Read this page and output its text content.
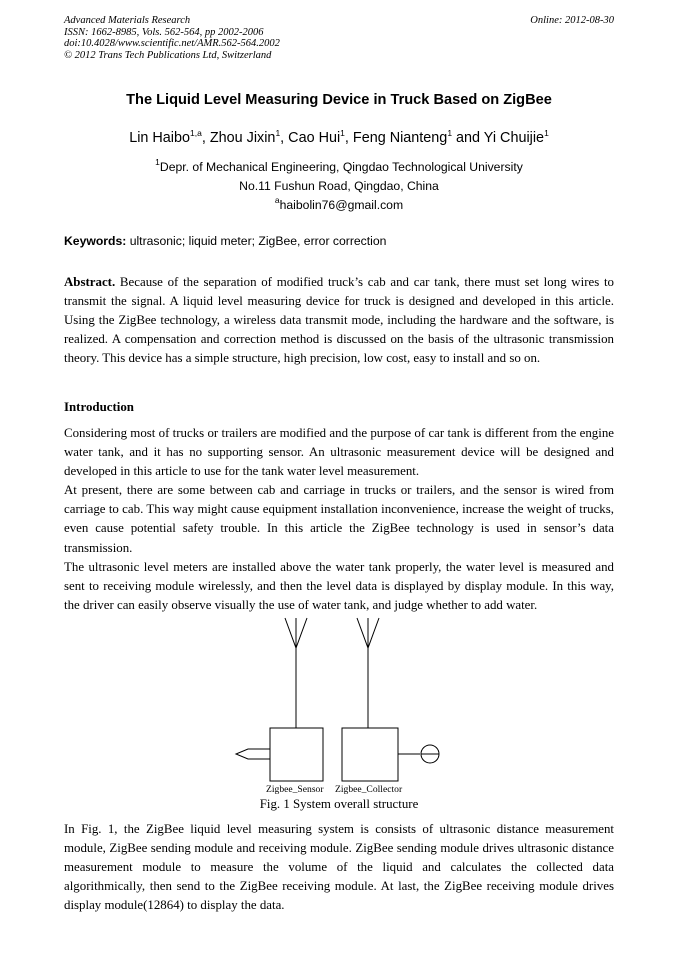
Advanced Materials Research
ISSN: 1662-8985, Vols. 562-564, pp 2002-2006
doi:10.4028/www.scientific.net/AMR.562-564.2002
© 2012 Trans Tech Publications Ltd, Switzerland
Online: 2012-08-30
The Liquid Level Measuring Device in Truck Based on ZigBee
Lin Haibo$^{1,a}$, Zhou Jixin$^1$, Cao Hui$^1$, Feng Nianteng$^1$ and Yi Chuijie$^1$
$^1$Depr. of Mechanical Engineering, Qingdao Technological University
No.11 Fushun Road, Qingdao, China
$^a$haibolin76@gmail.com
Keywords: ultrasonic; liquid meter; ZigBee, error correction

Abstract. Because of the separation of modified truck’s cab and car tank, there must set long wires to transmit the signal. A liquid level measuring device for truck is designed and developed in this article. Using the ZigBee technology, a wireless data transmit mode, including the hardware and the software, is realized. A compensation and correction method is discussed on the basis of the ultrasonic transmission theory. This device has a simple structure, high precision, low cost, easy to install and so on.

Introduction

Considering most of trucks or trailers are modified and the purpose of car tank is different from the engine water tank, and it has no supporting sensor. An ultrasonic measurement device will be designed and developed in this article to use for the tank water level measurement.

At present, there are some between cab and carriage in trucks or trailers, and the sensor is wired from carriage to cab. This way might cause equipment installation inconvenience, increase the weight of trucks, even cause potential safety trouble. In this article the ZigBee technology is used in sensor’s data transmission.

The ultrasonic level meters are installed above the water tank properly, the water level is measured and sent to receiving module wirelessly, and then the level data is displayed by display module. In this way, the driver can easily observe visually the use of water tank, and judge whether to add water.

Zigbee_Sensor Zigbee_Collector
Fig. 1 System overall structure

In Fig. 1, the ZigBee liquid level measuring system is consists of ultrasonic distance measurement module, ZigBee sending module and receiving module. ZigBee sending module drives ultrasonic distance measurement module to measure the volume of the liquid and calculates the collected data algorithmically, then send to the ZigBee receiving module. At last, the ZigBee receiving module drives display module(12864) to display the data.
